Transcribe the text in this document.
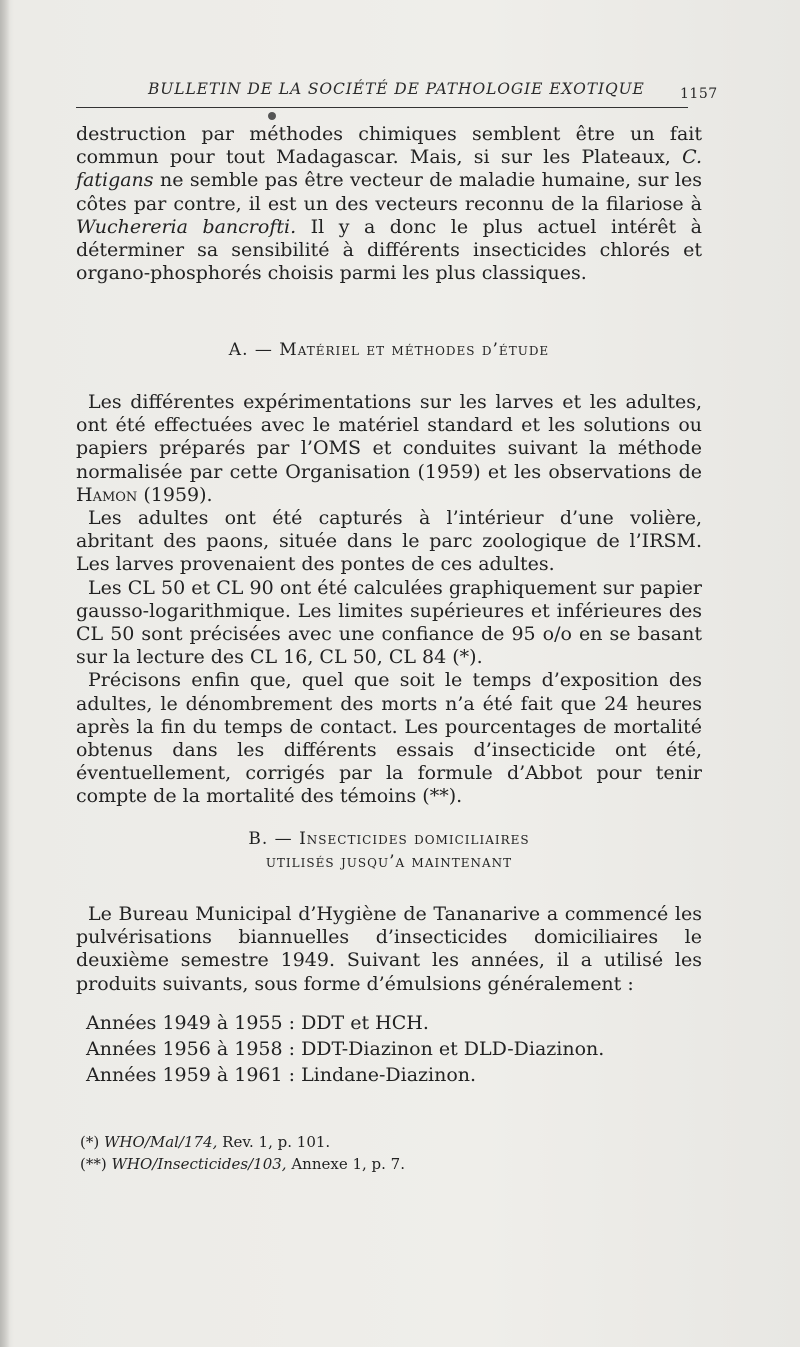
BULLETIN DE LA SOCIÉTÉ DE PATHOLOGIE EXOTIQUE	1157

destruction par méthodes chimiques semblent être un fait commun pour tout Madagascar. Mais, si sur les Plateaux, C. fatigans ne semble pas être vecteur de maladie humaine, sur les côtes par contre, il est un des vecteurs reconnu de la filariose à Wuchereria bancrofti. Il y a donc le plus actuel intérêt à déterminer sa sensibilité à différents insecticides chlorés et organo-phosphorés choisis parmi les plus classiques.

A. — Matériel et méthodes d’étude

Les différentes expérimentations sur les larves et les adultes, ont été effectuées avec le matériel standard et les solutions ou papiers préparés par l’OMS et conduites suivant la méthode normalisée par cette Organisation (1959) et les observations de Hamon (1959).

Les adultes ont été capturés à l’intérieur d’une volière, abritant des paons, située dans le parc zoologique de l’IRSM. Les larves provenaient des pontes de ces adultes.

Les CL 50 et CL 90 ont été calculées graphiquement sur papier gausso-logarithmique. Les limites supérieures et inférieures des CL 50 sont précisées avec une confiance de 95 o/o en se basant sur la lecture des CL 16, CL 50, CL 84 (*).

Précisons enfin que, quel que soit le temps d’exposition des adultes, le dénombrement des morts n’a été fait que 24 heures après la fin du temps de contact. Les pourcentages de mortalité obtenus dans les différents essais d’insecticide ont été, éventuellement, corrigés par la formule d’Abbot pour tenir compte de la mortalité des témoins (**).

B. — Insecticides domiciliaires
utilisés jusqu’a maintenant

Le Bureau Municipal d’Hygiène de Tananarive a commencé les pulvérisations biannuelles d’insecticides domiciliaires le deuxième semestre 1949. Suivant les années, il a utilisé les produits suivants, sous forme d’émulsions généralement :

Années 1949 à 1955 : DDT et HCH.
Années 1956 à 1958 : DDT-Diazinon et DLD-Diazinon.
Années 1959 à 1961 : Lindane-Diazinon.
(*) WHO/Mal/174, Rev. 1, p. 101.
(**) WHO/Insecticides/103, Annexe 1, p. 7.
